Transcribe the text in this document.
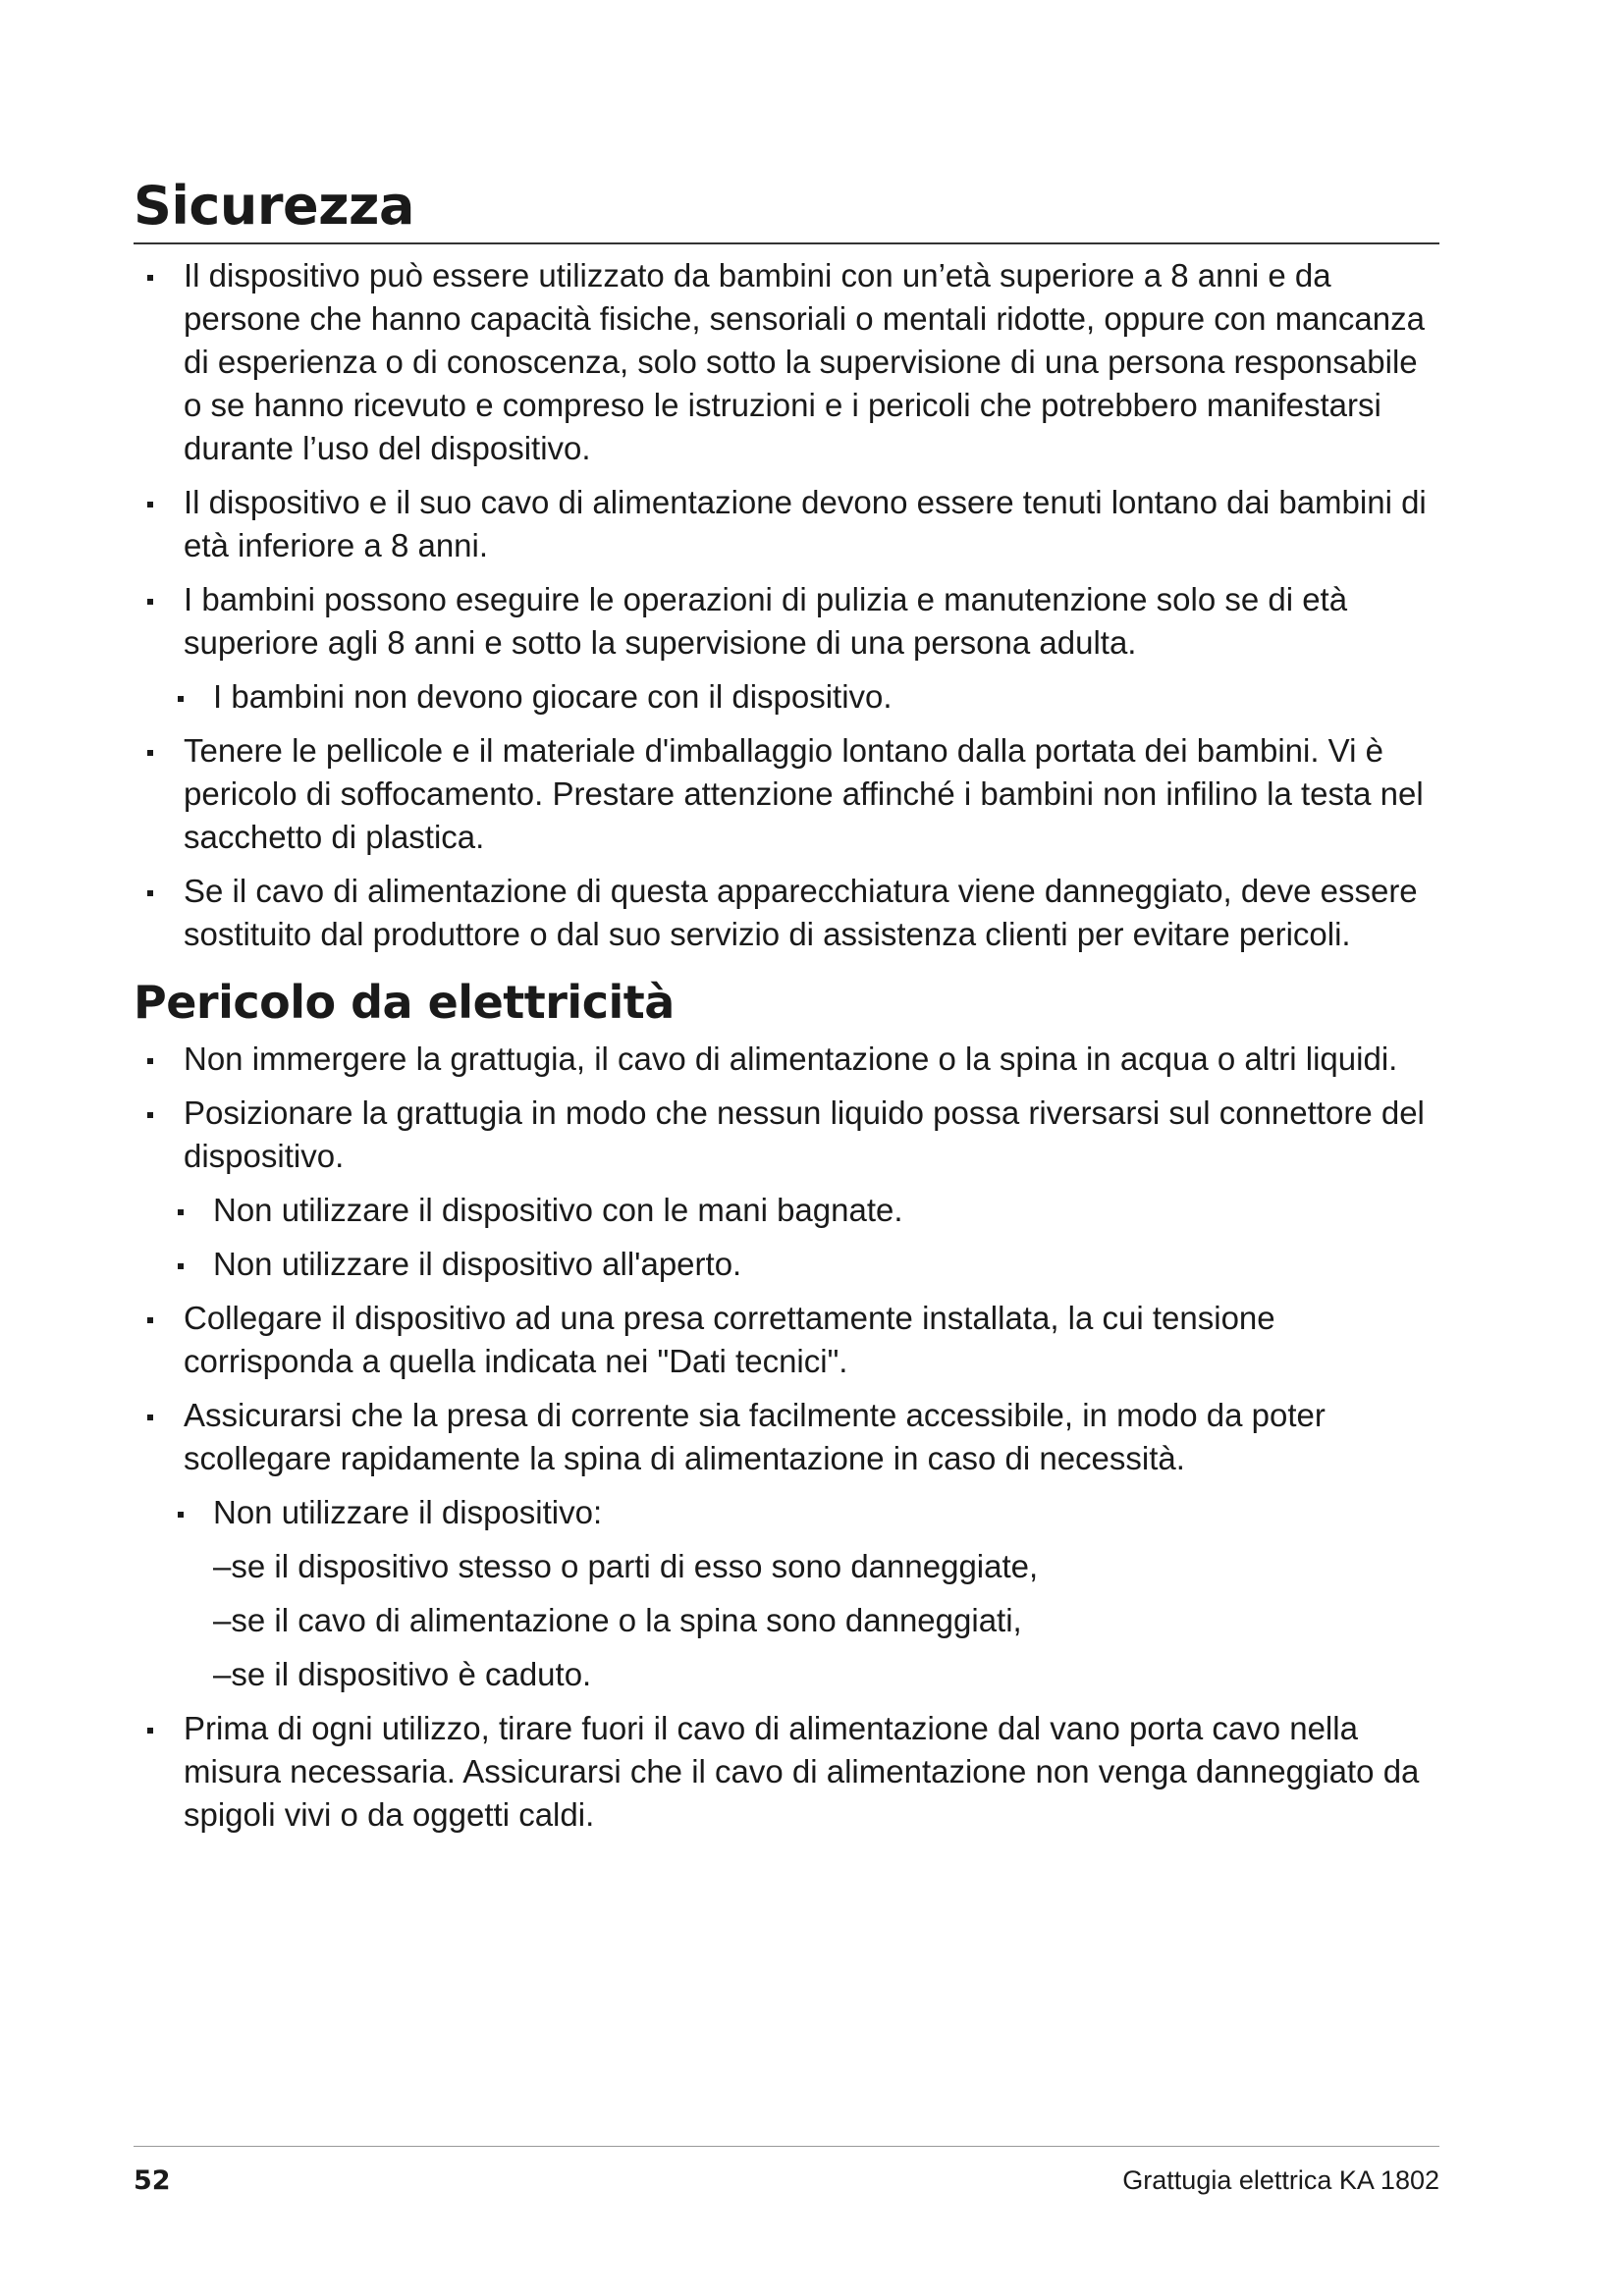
Sicurezza
Il dispositivo può essere utilizzato da bambini con un’età superiore a 8 anni e da persone che hanno capacità fisiche, sensoriali o mentali ridotte, oppure con mancanza di esperienza o di conoscenza, solo sotto la supervisione di una persona responsabile o se hanno ricevuto e compreso le istruzioni e i pericoli che potrebbero manifestarsi durante l’uso del dispositivo.
Il dispositivo e il suo cavo di alimentazione devono essere tenuti lontano dai bambini di età inferiore a 8 anni.
I bambini possono eseguire le operazioni di pulizia e manutenzione solo se di età superiore agli 8 anni e sotto la supervisione di una persona adulta.
I bambini non devono giocare con il dispositivo.
Tenere le pellicole e il materiale d'imballaggio lontano dalla portata dei bambini. Vi è pericolo di soffocamento. Prestare attenzione affinché i bambini non infilino la testa nel sacchetto di plastica.
Se il cavo di alimentazione di questa apparecchiatura viene danneggiato, deve essere sostituito dal produttore o dal suo servizio di assistenza clienti per evitare pericoli.
Pericolo da elettricità
Non immergere la grattugia, il cavo di alimentazione o la spina in acqua o altri liquidi.
Posizionare la grattugia in modo che nessun liquido possa riversarsi sul connettore del dispositivo.
Non utilizzare il dispositivo con le mani bagnate.
Non utilizzare il dispositivo all'aperto.
Collegare il dispositivo ad una presa correttamente installata, la cui tensione corrisponda a quella indicata nei "Dati tecnici".
Assicurarsi che la presa di corrente sia facilmente accessibile, in modo da poter scollegare rapidamente la spina di alimentazione in caso di necessità.
Non utilizzare il dispositivo:
–se il dispositivo stesso o parti di esso sono danneggiate,
–se il cavo di alimentazione o la spina sono danneggiati,
–se il dispositivo è caduto.
Prima di ogni utilizzo, tirare fuori il cavo di alimentazione dal vano porta cavo nella misura necessaria. Assicurarsi che il cavo di alimentazione non venga danneggiato da spigoli vivi o da oggetti caldi.
52	Grattugia elettrica KA 1802
